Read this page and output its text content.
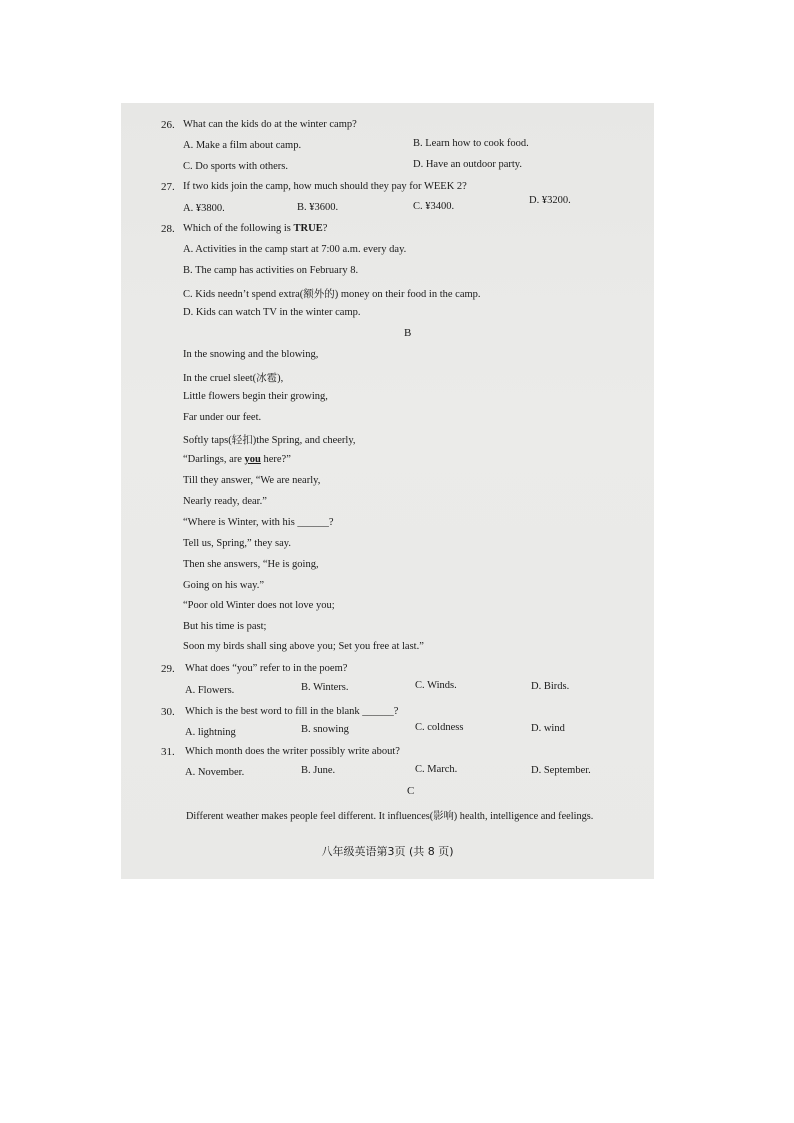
26. What can the kids do at the winter camp?
A. Make a film about camp.	B. Learn how to cook food.
C. Do sports with others.	D. Have an outdoor party.
27. If two kids join the camp, how much should they pay for WEEK 2?
A. ¥3800.	B. ¥3600.	C. ¥3400.
D. ¥3200.
28. Which of the following is TRUE?
A. Activities in the camp start at 7:00 a.m. every day.
B. The camp has activities on February 8.
C. Kids needn’t spend extra(额外的) money on their food in the camp.
D. Kids can watch TV in the winter camp.
B
In the snowing and the blowing,
In the cruel sleet(冰雹),
Little flowers begin their growing,
Far under our feet.
Softly taps(轻扣)the Spring, and cheerly,
“Darlings, are you here?”
Till they answer, “We are nearly,
Nearly ready, dear.”
“Where is Winter, with his ______?
Tell us, Spring,” they say.
Then she answers, “He is going,
Going on his way.”
“Poor old Winter does not love you;
But his time is past;
Soon my birds shall sing above you; Set you free at last.”
29. What does “you” refer to in the poem?
A. Flowers.	B. Winters.	C. Winds.	D. Birds.
30. Which is the best word to fill in the blank ______?
A. lightning	B. snowing	C. coldness	D. wind
31. Which month does the writer possibly write about?
A. November.	B. June.	C. March.	D. September.
C
Different weather makes people feel different. It influences(影响) health, intelligence and feelings.
八年级英语第3页 (共 8 页)
